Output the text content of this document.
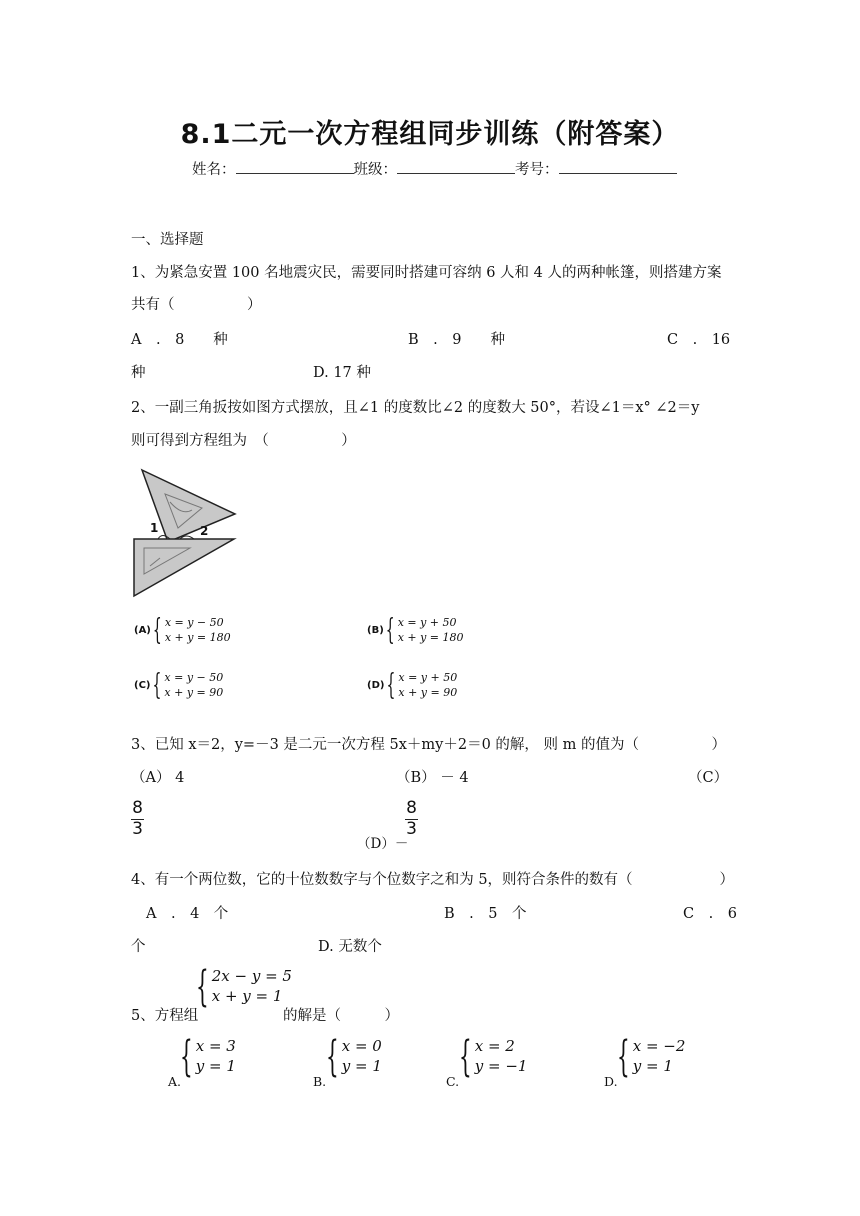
8.1二元一次方程组同步训练（附答案）
姓名：	班级：	考号：
一、选择题
1、为紧急安置 100 名地震灾民，需要同时搭建可容纳 6 人和 4 人的两种帐篷，则搭建方案
共有（　　　　　）
A　.　8　　种	B　.　9　　种	C　.　16
种	D. 17 种
2、一副三角扳按如图方式摆放，且∠1 的度数比∠2 的度数大 50°，若设∠1＝x° ∠2＝y
则可得到方程组为　（　　　　　）
1	2
(A) { x = y − 50
x + y = 180	(B) { x = y + 50
x + y = 180
(C) { x = y − 50
x + y = 90	(D) { x = y + 50
x + y = 90
3、已知 x＝2，y=－3 是二元一次方程 5x＋my＋2＝0 的解， 则 m 的值为（　　　　　）
（A） 4	（B） － 4	（C）
8
3
（D）－
8
3
4、有一个两位数，它的十位数数字与个位数字之和为 5，则符合条件的数有（　　　　　　）
A　.　4　个	B　.　5　个	C　.　6
个	D. 无数个
5、方程组
{ 2x − y = 5
x + y = 1
的解是（　　　）
A.
{ x = 3
y = 1
B.
{ x = 0
y = 1
C.
{ x = 2
y = −1
D.
{ x = −2
y = 1
